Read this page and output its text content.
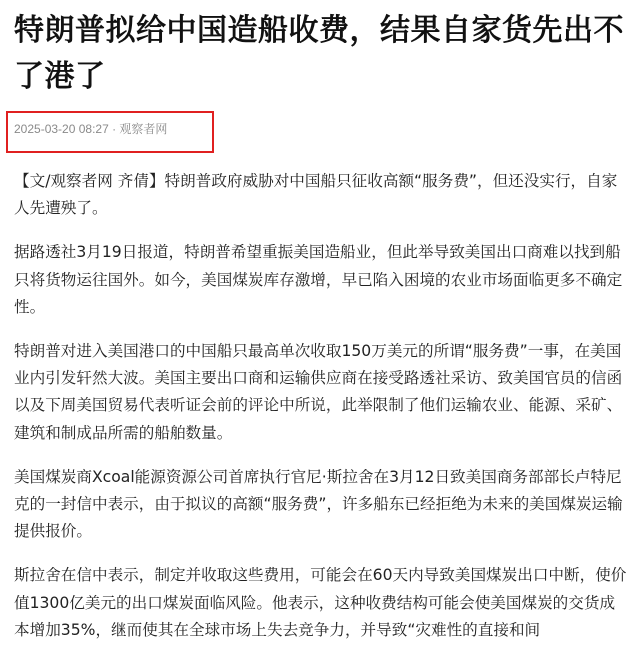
特朗普拟给中国造船收费，结果自家货先出不了港了
2025-03-20 08:27 · 观察者网

【文/观察者网 齐倩】特朗普政府威胁对中国船只征收高额“服务费”，但还没实行，自家人先遭殃了。

据路透社3月19日报道，特朗普希望重振美国造船业，但此举导致美国出口商难以找到船只将货物运往国外。如今，美国煤炭库存激增，早已陷入困境的农业市场面临更多不确定性。

特朗普对进入美国港口的中国船只最高单次收取150万美元的所谓“服务费”一事，在美国业内引发轩然大波。美国主要出口商和运输供应商在接受路透社采访、致美国官员的信函以及下周美国贸易代表听证会前的评论中所说，此举限制了他们运输农业、能源、采矿、建筑和制成品所需的船舶数量。

美国煤炭商Xcoal能源资源公司首席执行官尼·斯拉舍在3月12日致美国商务部部长卢特尼克的一封信中表示，由于拟议的高额“服务费”，许多船东已经拒绝为未来的美国煤炭运输提供报价。

斯拉舍在信中表示，制定并收取这些费用，可能会在60天内导致美国煤炭出口中断，使价值1300亿美元的出口煤炭面临风险。他表示，这种收费结构可能会使美国煤炭的交货成本增加35%，继而使其在全球市场上失去竞争力，并导致“灾难性的直接和间
